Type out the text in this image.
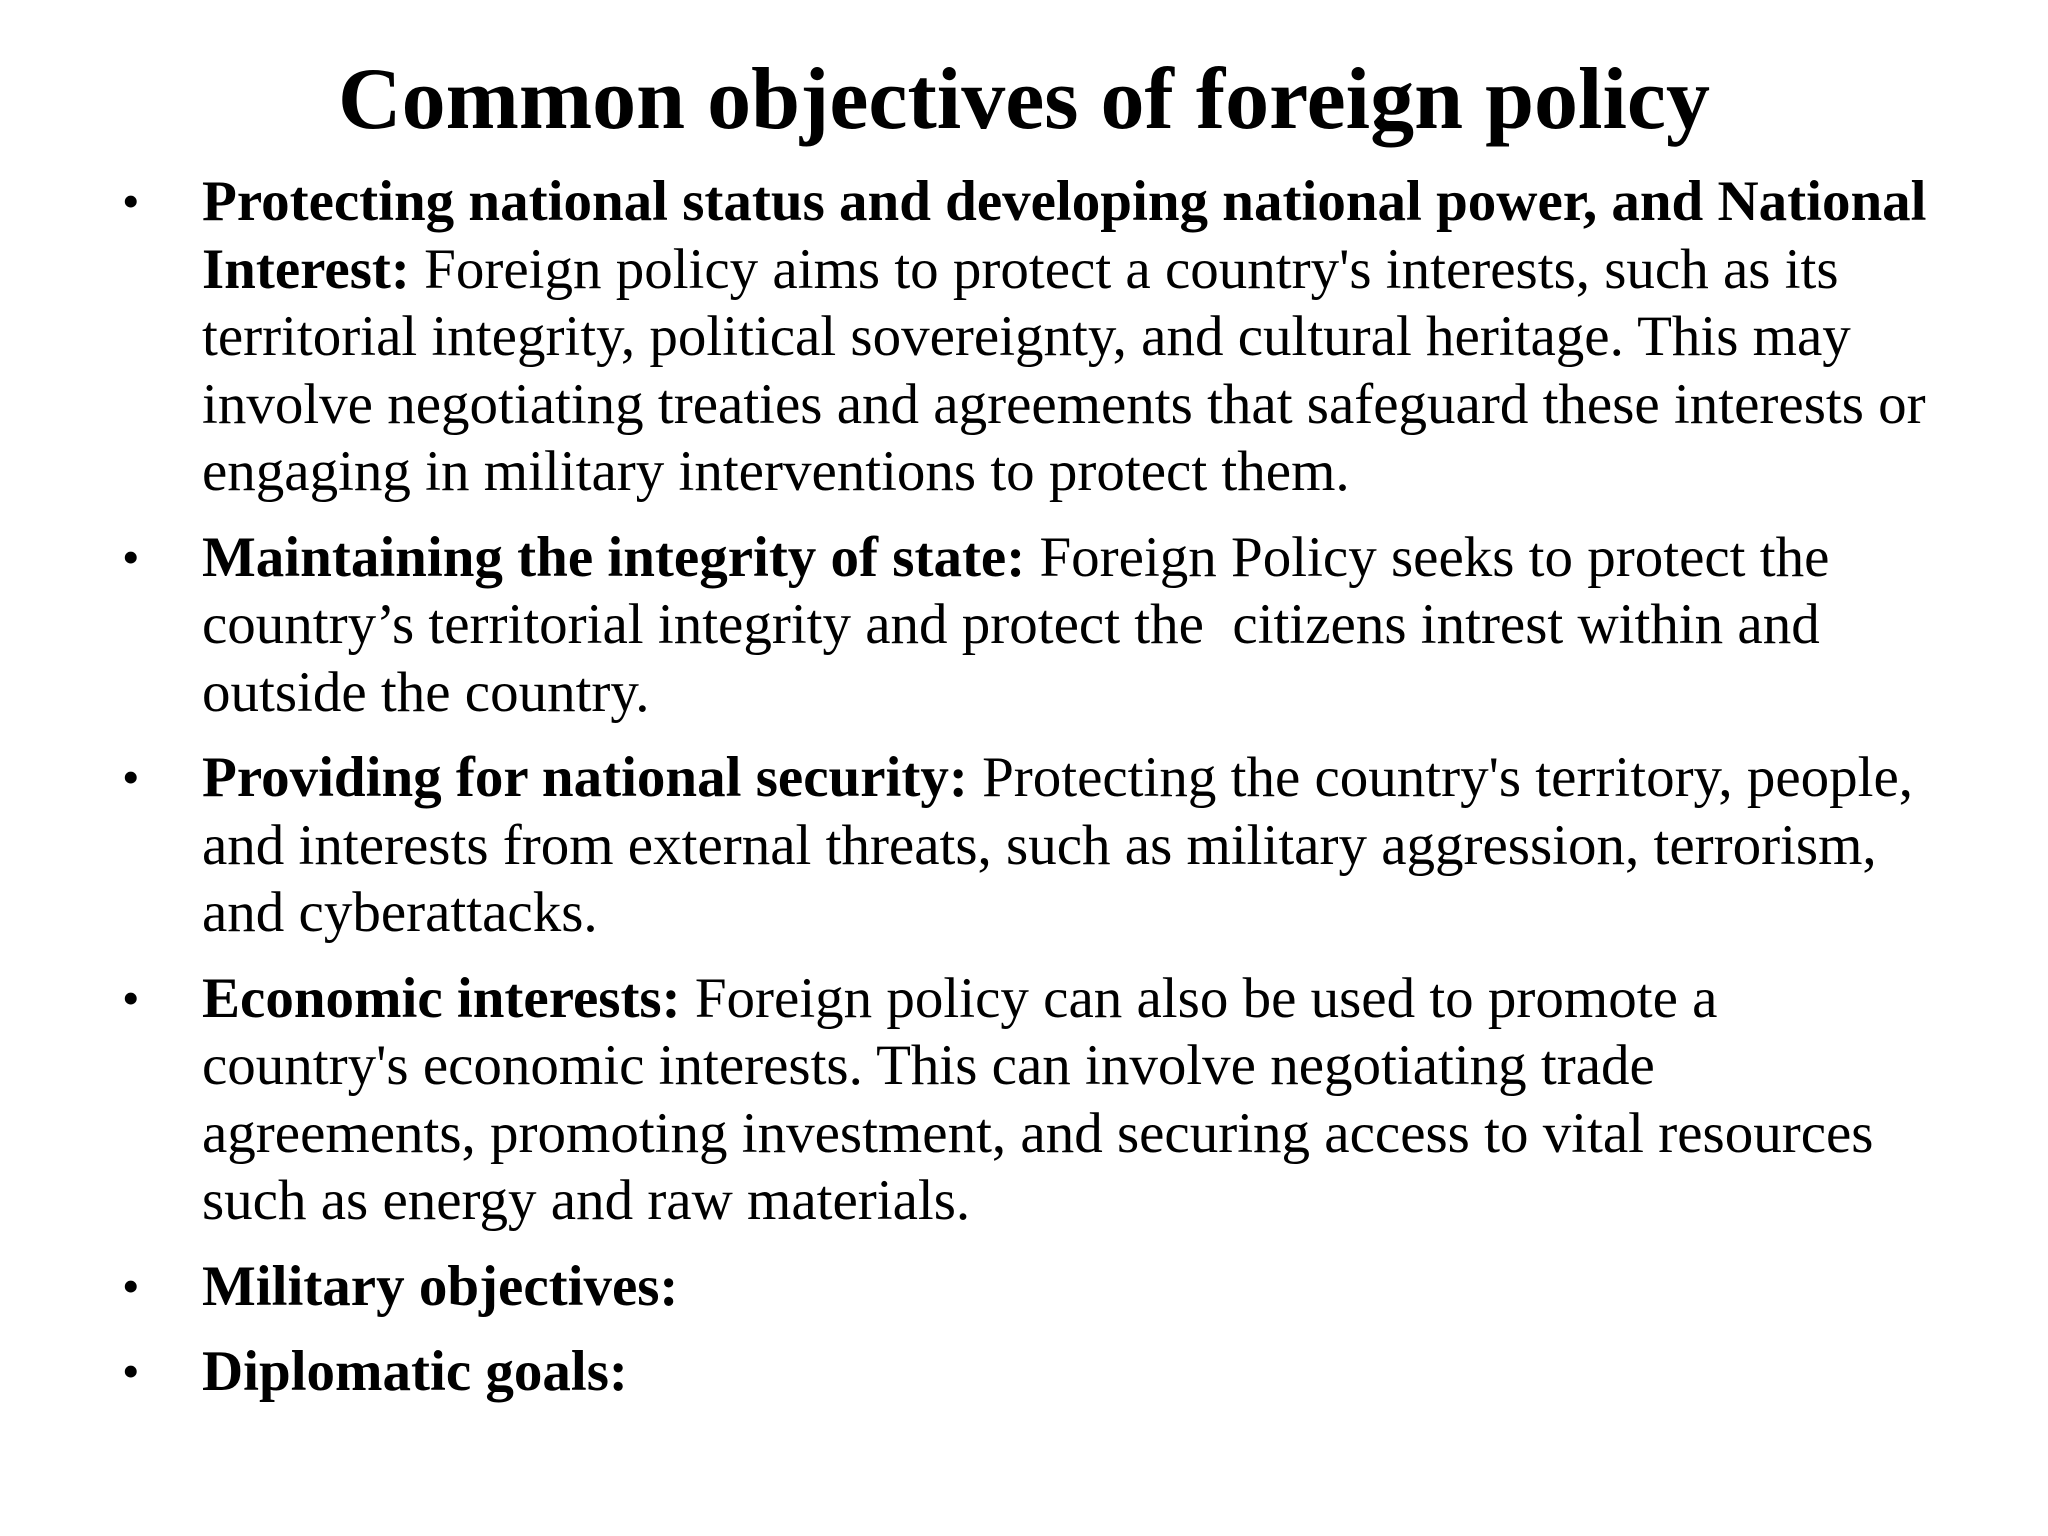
Common objectives of foreign policy
• Protecting national status and developing national power, and National
Interest: Foreign policy aims to protect a country's interests, such as its
territorial integrity, political sovereignty, and cultural heritage. This may
involve negotiating treaties and agreements that safeguard these interests or
engaging in military interventions to protect them.
• Maintaining the integrity of state: Foreign Policy seeks to protect the
country’s territorial integrity and protect the  citizens intrest within and
outside the country.
• Providing for national security: Protecting the country's territory, people,
and interests from external threats, such as military aggression, terrorism,
and cyberattacks.
• Economic interests: Foreign policy can also be used to promote a
country's economic interests. This can involve negotiating trade
agreements, promoting investment, and securing access to vital resources
such as energy and raw materials.
• Military objectives:
• Diplomatic goals:
